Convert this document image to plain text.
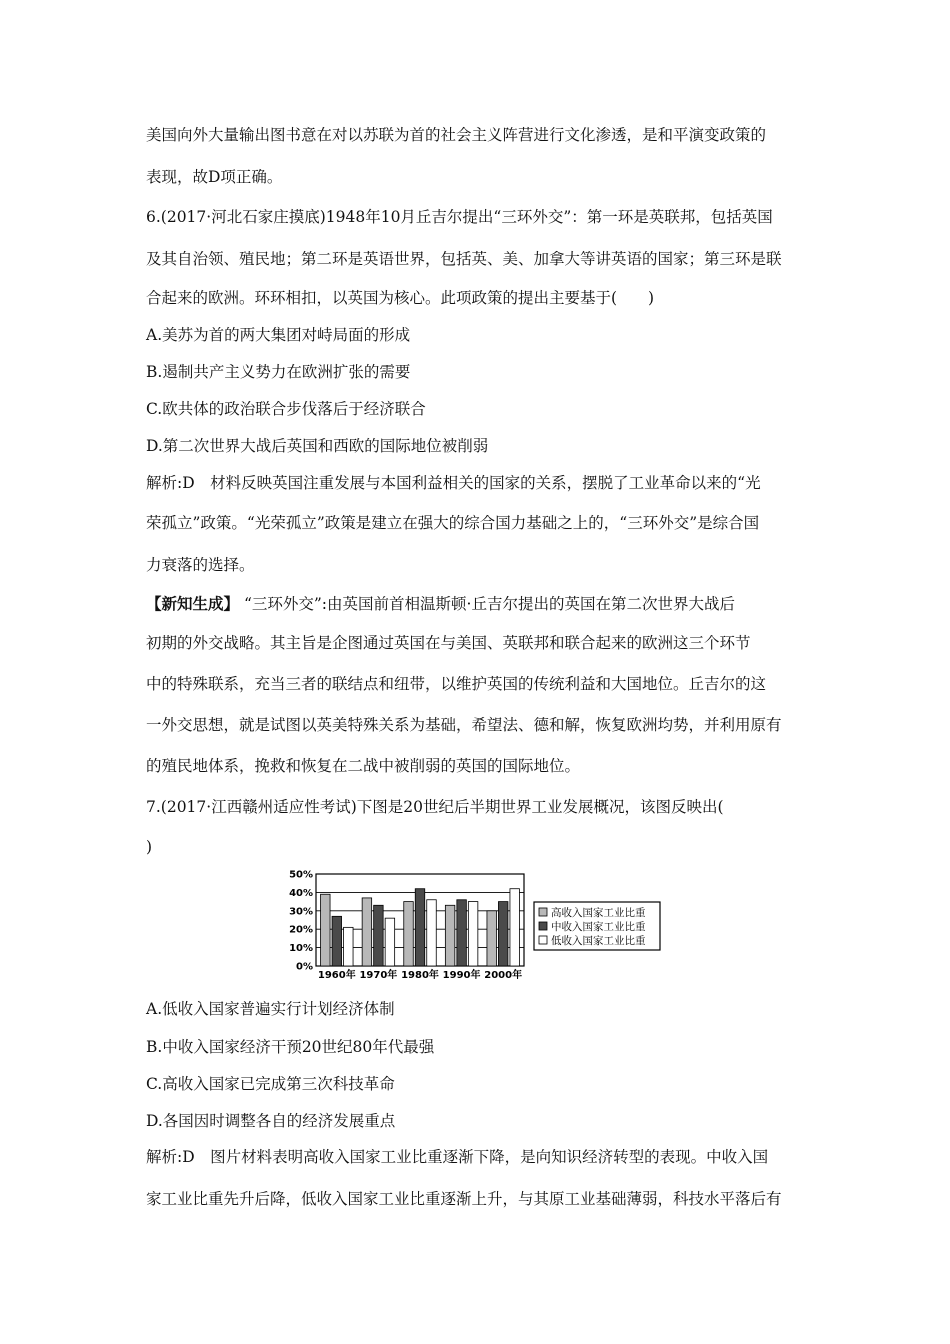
美国向外大量输出图书意在对以苏联为首的社会主义阵营进行文化渗透，是和平演变政策的
表现，故D项正确。
6.(2017·河北石家庄摸底)1948年10月丘吉尔提出“三环外交”：第一环是英联邦，包括英国
及其自治领、殖民地；第二环是英语世界，包括英、美、加拿大等讲英语的国家；第三环是联
合起来的欧洲。环环相扣，以英国为核心。此项政策的提出主要基于(　　)
A.美苏为首的两大集团对峙局面的形成
B.遏制共产主义势力在欧洲扩张的需要
C.欧共体的政治联合步伐落后于经济联合
D.第二次世界大战后英国和西欧的国际地位被削弱
解析:D　材料反映英国注重发展与本国利益相关的国家的关系，摆脱了工业革命以来的“光
荣孤立”政策。“光荣孤立”政策是建立在强大的综合国力基础之上的，“三环外交”是综合国
力衰落的选择。
【新知生成】 “三环外交”:由英国前首相温斯顿·丘吉尔提出的英国在第二次世界大战后
初期的外交战略。其主旨是企图通过英国在与美国、英联邦和联合起来的欧洲这三个环节
中的特殊联系，充当三者的联结点和纽带，以维护英国的传统利益和大国地位。丘吉尔的这
一外交思想，就是试图以英美特殊关系为基础，希望法、德和解，恢复欧洲均势，并利用原有
的殖民地体系，挽救和恢复在二战中被削弱的英国的国际地位。
7.(2017·江西赣州适应性考试)下图是20世纪后半期世界工业发展概况，该图反映出(
)
A.低收入国家普遍实行计划经济体制
B.中收入国家经济干预20世纪80年代最强
C.高收入国家已完成第三次科技革命
D.各国因时调整各自的经济发展重点
解析:D　图片材料表明高收入国家工业比重逐渐下降，是向知识经济转型的表现。中收入国
家工业比重先升后降，低收入国家工业比重逐渐上升，与其原工业基础薄弱，科技水平落后有
0%
10%
20%
30%
40%
50%
1960年 1970年 1980年 1990年 2000年
高收入国家工业比重
中收入国家工业比重
低收入国家工业比重
